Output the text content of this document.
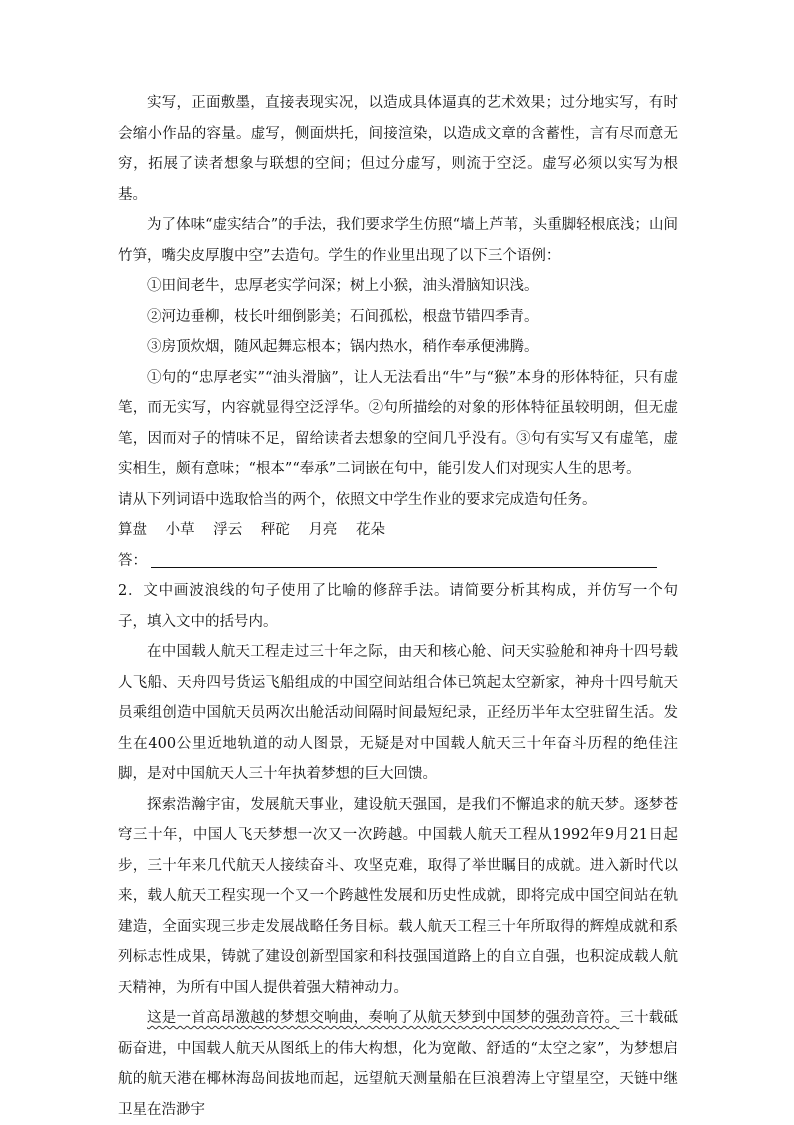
实写，正面敷墨，直接表现实况，以造成具体逼真的艺术效果；过分地实写，有时会缩小作品的容量。虚写，侧面烘托，间接渲染，以造成文章的含蓄性，言有尽而意无穷，拓展了读者想象与联想的空间；但过分虚写，则流于空泛。虚写必须以实写为根基。

为了体味“虚实结合”的手法，我们要求学生仿照“墙上芦苇，头重脚轻根底浅；山间竹笋，嘴尖皮厚腹中空”去造句。学生的作业里出现了以下三个语例：

①田间老牛，忠厚老实学问深；树上小猴，油头滑脑知识浅。

②河边垂柳，枝长叶细倒影美；石间孤松，根盘节错四季青。

③房顶炊烟，随风起舞忘根本；锅内热水，稍作奉承便沸腾。

①句的“忠厚老实”“油头滑脑”，让人无法看出“牛”与“猴”本身的形体特征，只有虚笔，而无实写，内容就显得空泛浮华。②句所描绘的对象的形体特征虽较明朗，但无虚笔，因而对子的情味不足，留给读者去想象的空间几乎没有。③句有实写又有虚笔，虚实相生，颇有意味；“根本”“奉承”二词嵌在句中，能引发人们对现实人生的思考。

请从下列词语中选取恰当的两个，依照文中学生作业的要求完成造句任务。

算盘 小草 浮云 秤砣 月亮 花朵

答：

2．文中画波浪线的句子使用了比喻的修辞手法。请简要分析其构成，并仿写一个句子，填入文中的括号内。

在中国载人航天工程走过三十年之际，由天和核心舱、问天实验舱和神舟十四号载人飞船、天舟四号货运飞船组成的中国空间站组合体已筑起太空新家，神舟十四号航天员乘组创造中国航天员两次出舱活动间隔时间最短纪录，正经历半年太空驻留生活。发生在400公里近地轨道的动人图景，无疑是对中国载人航天三十年奋斗历程的绝佳注脚，是对中国航天人三十年执着梦想的巨大回馈。

探索浩瀚宇宙，发展航天事业，建设航天强国，是我们不懈追求的航天梦。逐梦苍穹三十年，中国人飞天梦想一次又一次跨越。中国载人航天工程从1992年9月21日起步，三十年来几代航天人接续奋斗、攻坚克难，取得了举世瞩目的成就。进入新时代以来，载人航天工程实现一个又一个跨越性发展和历史性成就，即将完成中国空间站在轨建造，全面实现三步走发展战略任务目标。载人航天工程三十年所取得的辉煌成就和系列标志性成果，铸就了建设创新型国家和科技强国道路上的自立自强，也积淀成载人航天精神，为所有中国人提供着强大精神动力。

这是一首高昂激越的梦想交响曲，奏响了从航天梦到中国梦的强劲音符。三十载砥砺奋进，中国载人航天从图纸上的伟大构想，化为宽敞、舒适的“太空之家”，为梦想启航的航天港在椰林海岛间拔地而起，远望航天测量船在巨浪碧涛上守望星空，天链中继卫星在浩渺宇
